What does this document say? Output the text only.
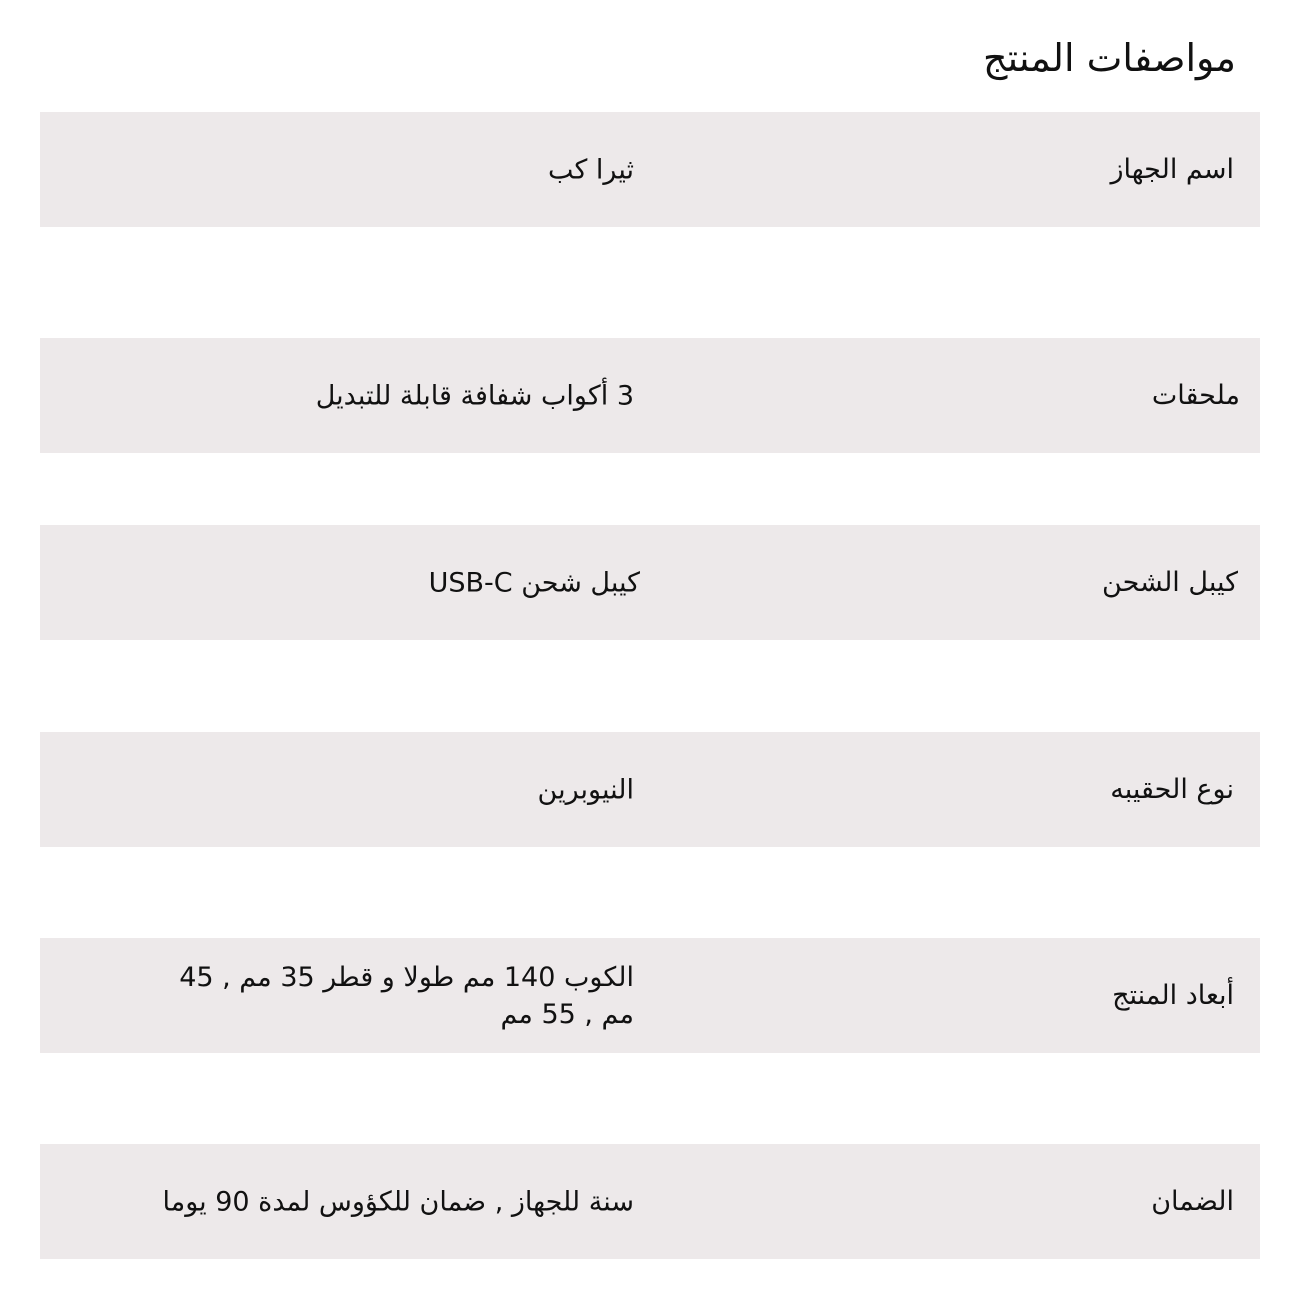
مواصفات المنتج
اسم الجهاز
ثيرا كب
ملحقات
3 أكواب شفافة قابلة للتبديل
كيبل الشحن
كيبل شحن USB-C
نوع الحقيبه
النيوبرين
أبعاد المنتج
الكوب 140 مم طولا و قطر 35 مم , 45 مم , 55 مم
الضمان
سنة للجهاز , ضمان للكؤوس لمدة 90 يوما
